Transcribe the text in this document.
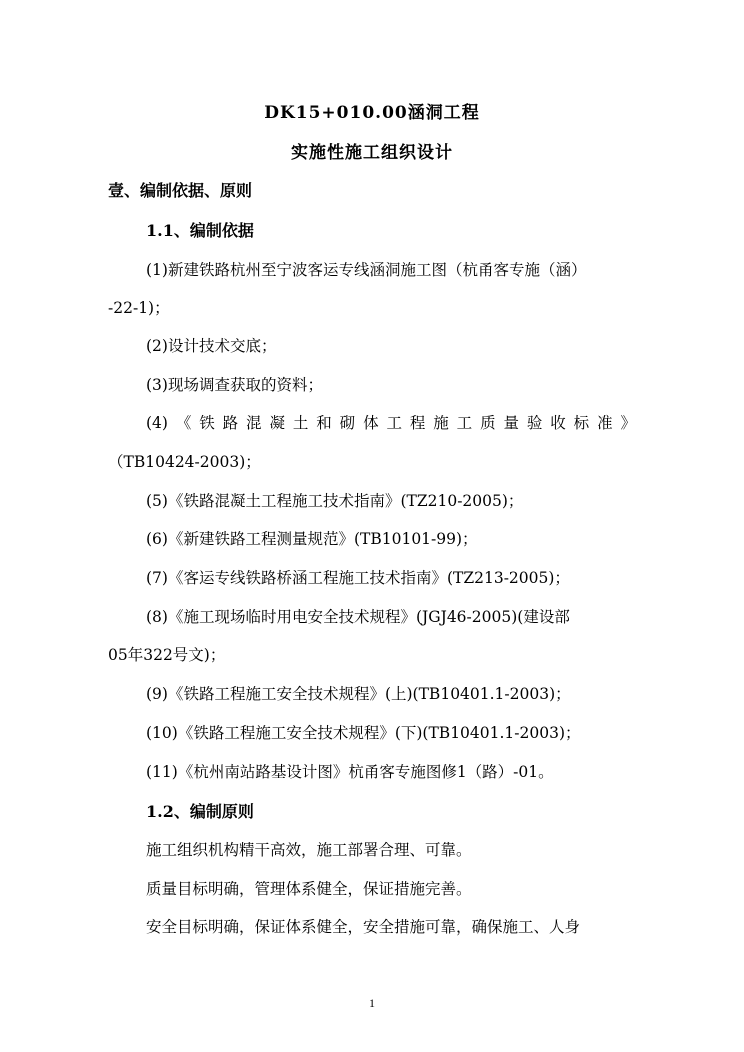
DK15+010.00涵洞工程
实施性施工组织设计
壹、编制依据、原则
1.1、编制依据
(1)新建铁路杭州至宁波客运专线涵洞施工图（杭甬客专施（涵）
-22-1)；
(2)设计技术交底；
(3)现场调查获取的资料；
(4)《铁路混凝土和砌体工程施工质量验收标准》
（TB10424-2003)；
(5)《铁路混凝土工程施工技术指南》(TZ210-2005)；
(6)《新建铁路工程测量规范》(TB10101-99)；
(7)《客运专线铁路桥涵工程施工技术指南》(TZ213-2005)；
(8)《施工现场临时用电安全技术规程》(JGJ46-2005)(建设部
05年322号文)；
(9)《铁路工程施工安全技术规程》(上)(TB10401.1-2003)；
(10)《铁路工程施工安全技术规程》(下)(TB10401.1-2003)；
(11)《杭州南站路基设计图》杭甬客专施图修1（路）-01。
1.2、编制原则
施工组织机构精干高效，施工部署合理、可靠。
质量目标明确，管理体系健全，保证措施完善。
安全目标明确，保证体系健全，安全措施可靠，确保施工、人身
1
